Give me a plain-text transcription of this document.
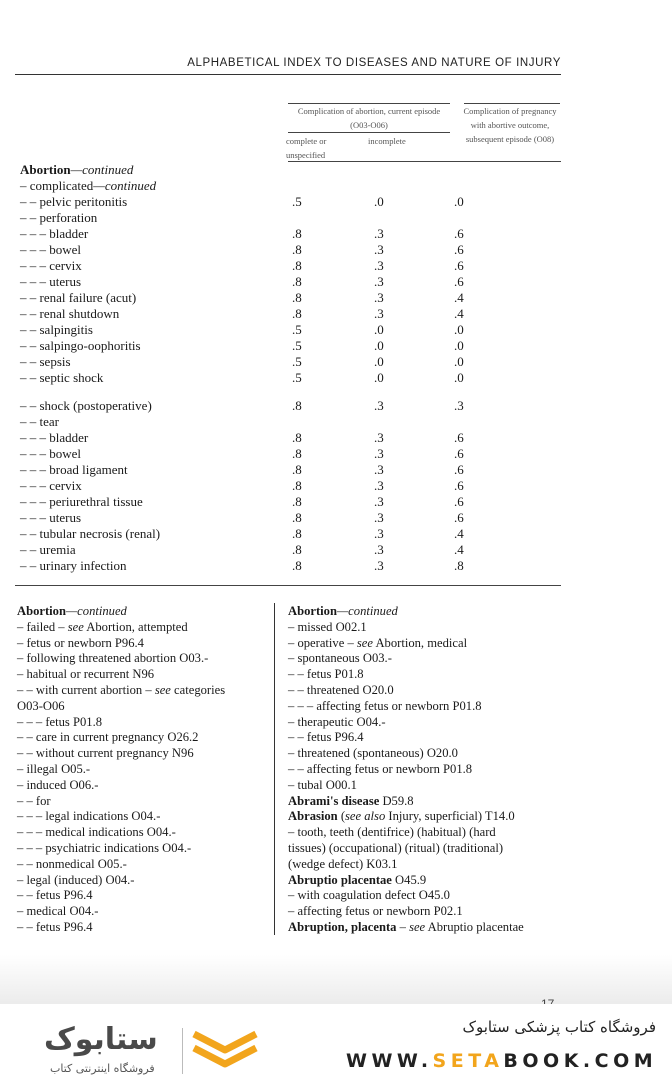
ALPHABETICAL INDEX TO DISEASES AND NATURE OF INJURY
Complication of abortion, current episode (O03-O06)
complete or unspecified
incomplete
Complication of pregnancy with abortive outcome, subsequent episode (O08)
Abortion—continued
– complicated—continued
– – pelvic peritonitis	.5	.0	.0
– – perforation
– – – bladder	.8	.3	.6
– – – bowel	.8	.3	.6
– – – cervix	.8	.3	.6
– – – uterus	.8	.3	.6
– – renal failure (acut)	.8	.3	.4
– – renal shutdown	.8	.3	.4
– – salpingitis	.5	.0	.0
– – salpingo-oophoritis	.5	.0	.0
– – sepsis	.5	.0	.0
– – septic shock	.5	.0	.0
– – shock (postoperative)	.8	.3	.3
– – tear
– – – bladder	.8	.3	.6
– – – bowel	.8	.3	.6
– – – broad ligament	.8	.3	.6
– – – cervix	.8	.3	.6
– – – periurethral tissue	.8	.3	.6
– – – uterus	.8	.3	.6
– – tubular necrosis (renal)	.8	.3	.4
– – uremia	.8	.3	.4
– – urinary infection	.8	.3	.8
Abortion—continued
– failed – see Abortion, attempted
– fetus or newborn P96.4
– following threatened abortion O03.-
– habitual or recurrent N96
– – with current abortion – see categories
O03-O06
– – – fetus P01.8
– – care in current pregnancy O26.2
– – without current pregnancy N96
– illegal O05.-
– induced O06.-
– – for
– – – legal indications O04.-
– – – medical indications O04.-
– – – psychiatric indications O04.-
– – nonmedical O05.-
– legal (induced) O04.-
– – fetus P96.4
– medical O04.-
– – fetus P96.4
Abortion—continued
– missed O02.1
– operative – see Abortion, medical
– spontaneous O03.-
– – fetus P01.8
– – threatened O20.0
– – – affecting fetus or newborn P01.8
– therapeutic O04.-
– – fetus P96.4
– threatened (spontaneous) O20.0
– – affecting fetus or newborn P01.8
– tubal O00.1
Abrami's disease D59.8
Abrasion (see also Injury, superficial) T14.0
– tooth, teeth (dentifrice) (habitual) (hard
tissues) (occupational) (ritual) (traditional)
(wedge defect) K03.1
Abruptio placentae O45.9
– with coagulation defect O45.0
– affecting fetus or newborn P02.1
Abruption, placenta – see Abruptio placentae
ستابوک
فروشگاه اینترنتی کتاب
فروشگاه کتاب پزشکی ستابوک
WWW.SETABOOK.COM
